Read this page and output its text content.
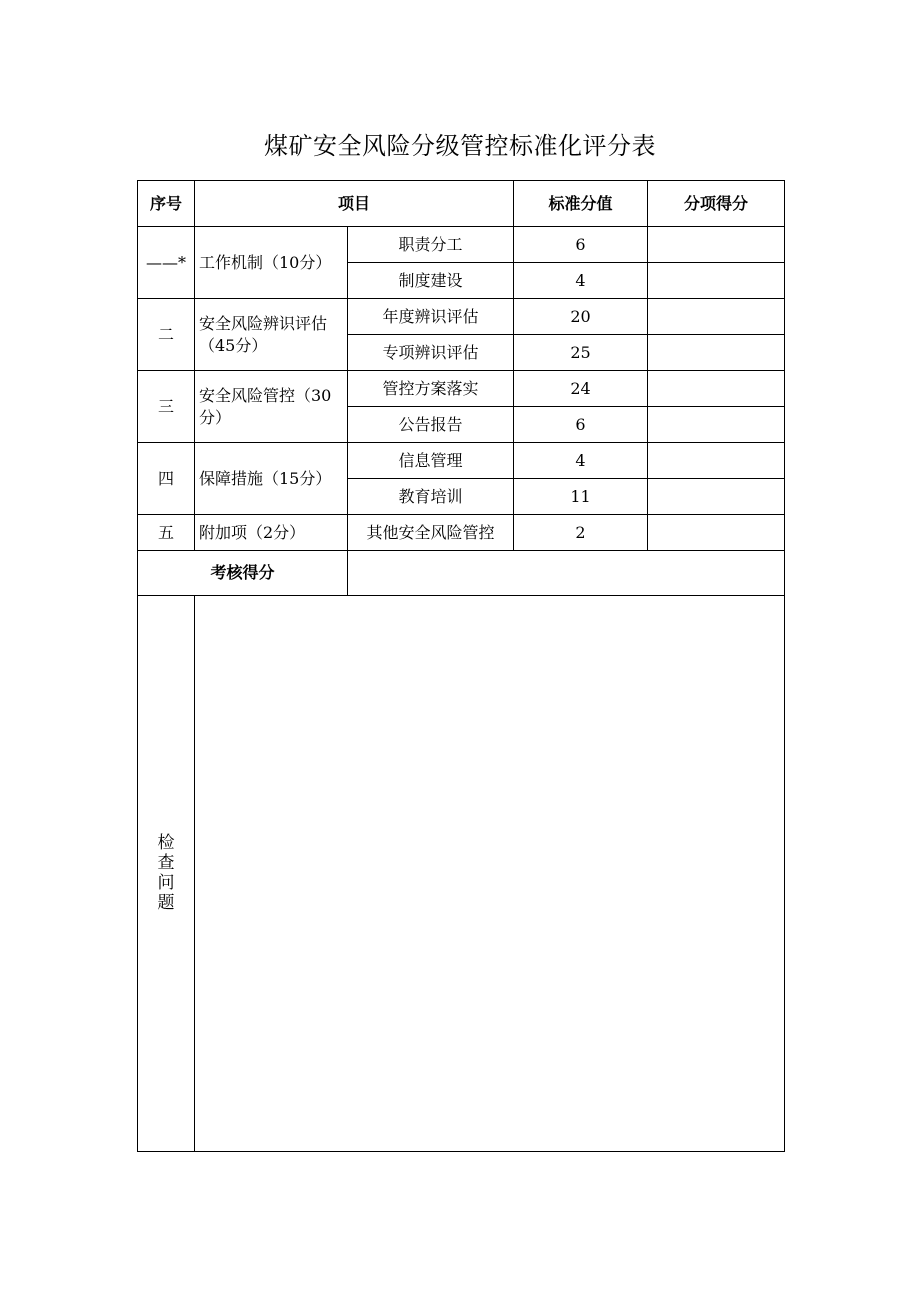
煤矿安全风险分级管控标准化评分表
序号	项目		标准分值	分项得分
——*	工作机制（10分）	职责分工	6	
		制度建设	4	
二	安全风险辨识评估（45分）	年度辨识评估	20	
		专项辨识评估	25	
三	安全风险管控（30分）	管控方案落实	24	
		公告报告	6	
四	保障措施（15分）	信息管理	4	
		教育培训	11	
五	附加项（2分）	其他安全风险管控	2	
考核得分				
检查问题				
